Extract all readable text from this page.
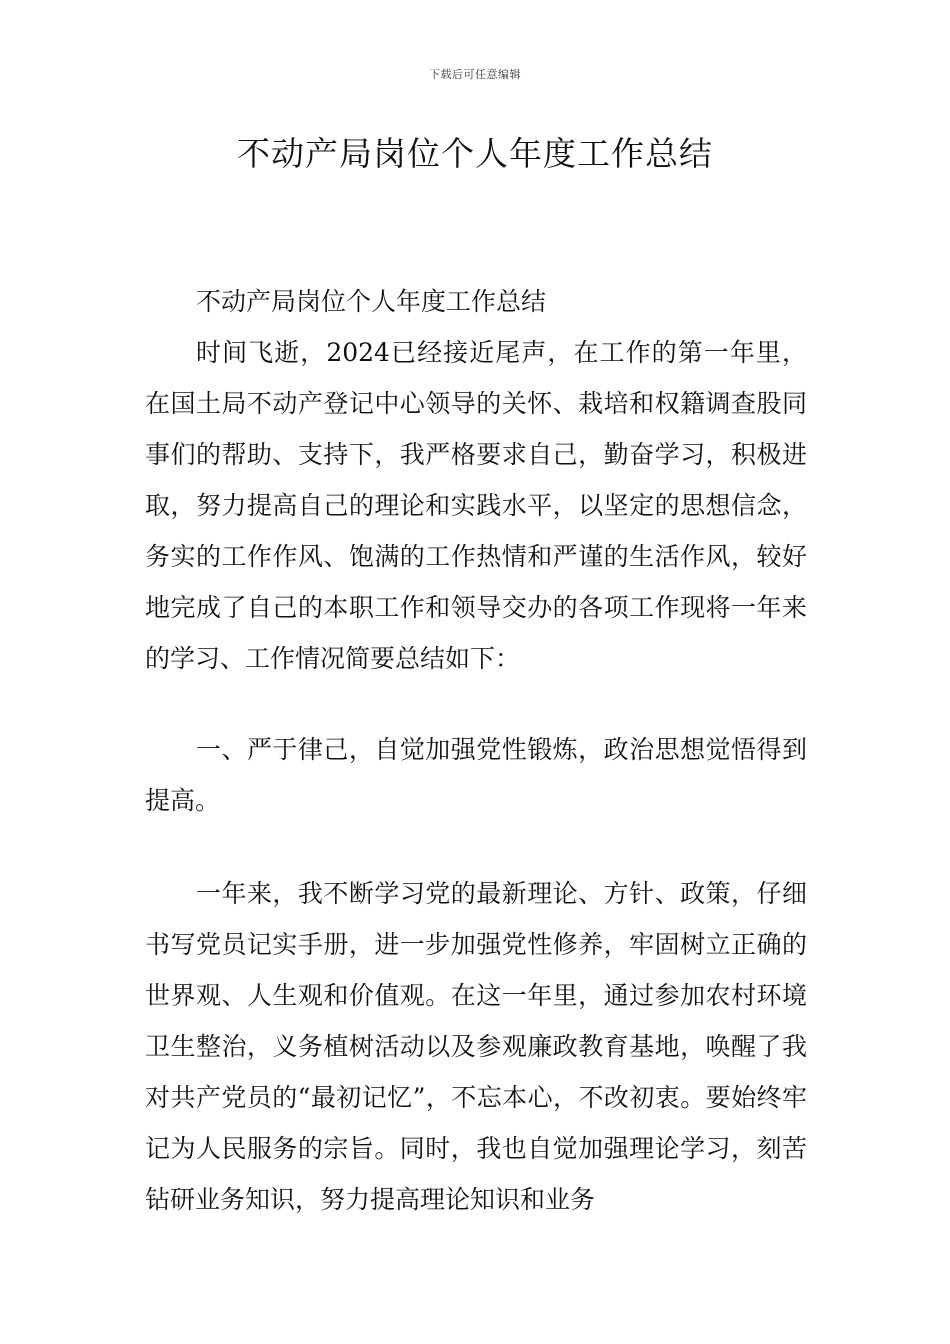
下载后可任意编辑
不动产局岗位个人年度工作总结

不动产局岗位个人年度工作总结

时间飞逝，2024已经接近尾声，在工作的第一年里，在国土局不动产登记中心领导的关怀、栽培和权籍调查股同事们的帮助、支持下，我严格要求自己，勤奋学习，积极进取，努力提高自己的理论和实践水平，以坚定的思想信念，务实的工作作风、饱满的工作热情和严谨的生活作风，较好地完成了自己的本职工作和领导交办的各项工作现将一年来的学习、工作情况简要总结如下：

一、严于律己，自觉加强党性锻炼，政治思想觉悟得到提高。

一年来，我不断学习党的最新理论、方针、政策，仔细书写党员记实手册，进一步加强党性修养，牢固树立正确的世界观、人生观和价值观。在这一年里，通过参加农村环境卫生整治，义务植树活动以及参观廉政教育基地，唤醒了我对共产党员的“最初记忆”，不忘本心，不改初衷。要始终牢记为人民服务的宗旨。同时，我也自觉加强理论学习，刻苦钻研业务知识，努力提高理论知识和业务
